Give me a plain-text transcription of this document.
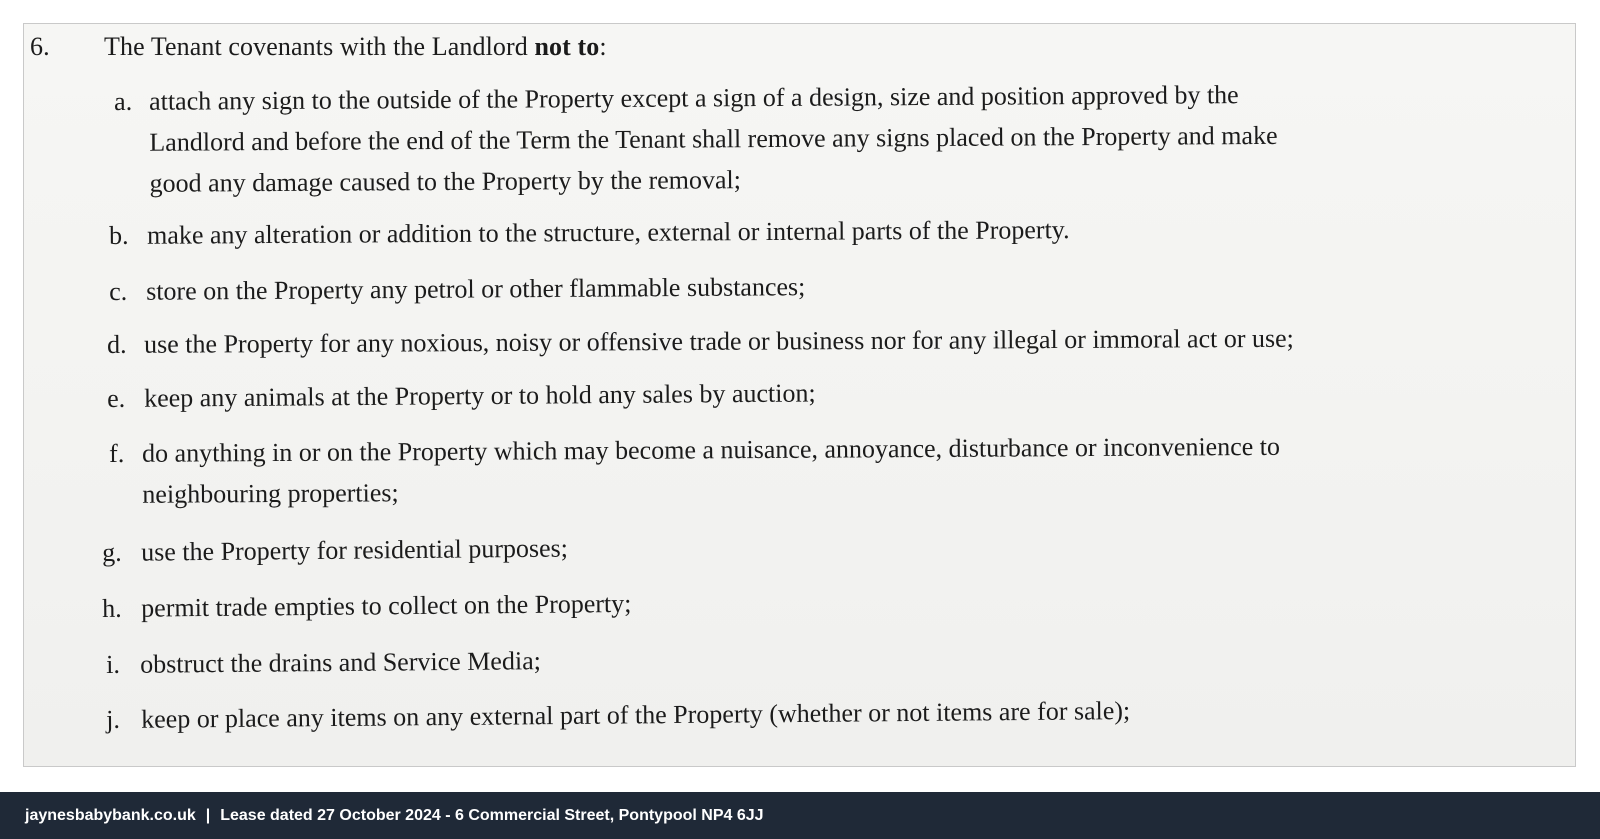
6. The Tenant covenants with the Landlord not to:
a. attach any sign to the outside of the Property except a sign of a design, size and position approved by the
Landlord and before the end of the Term the Tenant shall remove any signs placed on the Property and make
good any damage caused to the Property by the removal;
b. make any alteration or addition to the structure, external or internal parts of the Property.
c. store on the Property any petrol or other flammable substances;
d. use the Property for any noxious, noisy or offensive trade or business nor for any illegal or immoral act or use;
e. keep any animals at the Property or to hold any sales by auction;
f. do anything in or on the Property which may become a nuisance, annoyance, disturbance or inconvenience to
neighbouring properties;
g. use the Property for residential purposes;
h. permit trade empties to collect on the Property;
i. obstruct the drains and Service Media;
j. keep or place any items on any external part of the Property (whether or not items are for sale);
jaynesbabybank.co.uk | Lease dated 27 October 2024 - 6 Commercial Street, Pontypool NP4 6JJ
